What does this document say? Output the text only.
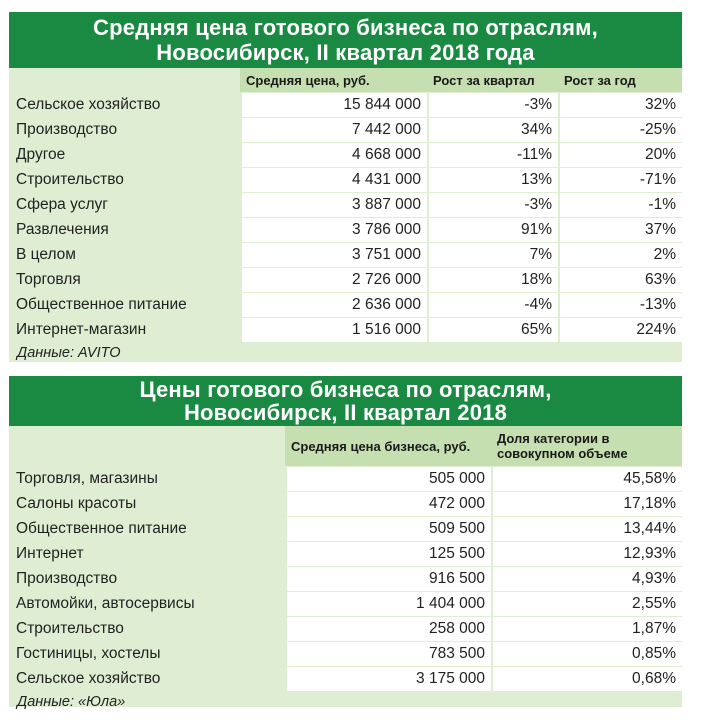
Средняя цена готового бизнеса по отраслям,
Новосибирск, II квартал 2018 года
	Средняя цена, руб.	Рост за квартал	Рост за год
Сельское хозяйство	15 844 000	-3%	32%
Производство	7 442 000	34%	-25%
Другое	4 668 000	-11%	20%
Строительство	4 431 000	13%	-71%
Сфера услуг	3 887 000	-3%	-1%
Развлечения	3 786 000	91%	37%
В целом	3 751 000	7%	2%
Торговля	2 726 000	18%	63%
Общественное питание	2 636 000	-4%	-13%
Интернет-магазин	1 516 000	65%	224%
Данные: AVITO
Цены готового бизнеса по отраслям,
Новосибирск, II квартал 2018
	Средняя цена бизнеса, руб.	Доля категории в совокупном объеме
Торговля, магазины	505 000	45,58%
Салоны красоты	472 000	17,18%
Общественное питание	509 500	13,44%
Интернет	125 500	12,93%
Производство	916 500	4,93%
Автомойки, автосервисы	1 404 000	2,55%
Строительство	258 000	1,87%
Гостиницы, хостелы	783 500	0,85%
Сельское хозяйство	3 175 000	0,68%
Данные: «Юла»
